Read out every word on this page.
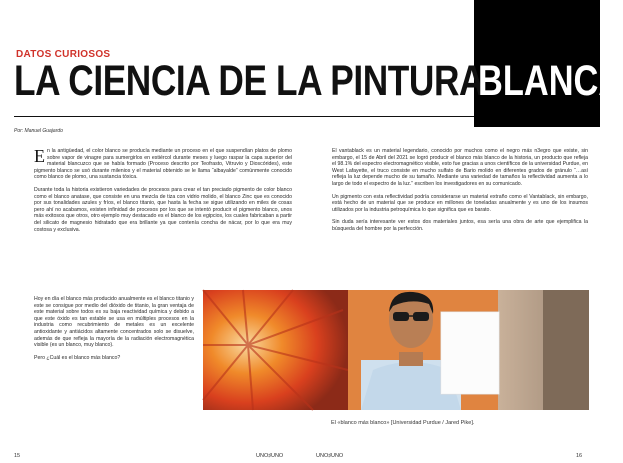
DATOS CURIOSOS
LA CIENCIA DE LA PINTURA
BLANCA
Por: Manuel Guajardo

En la antigüedad, el color blanco se producía mediante un proceso en el que suspendían platos de plomo sobre vapor de vinagre para sumergirlos en estiércol durante meses y luego raspar la capa superior del material blancuzco que se había formado (Proceso descrito por Teofrasto, Vitruvio y Dioscórides), este pigmento blanco se usó durante milenios y el material obtenido se le llama “albayalde” comúnmente conocido como blanco de plomo, una sustancia tóxica.

Durante toda la historia existieron variedades de procesos para crear el tan preciado pigmento de color blanco como el blanco anatase, que consiste en una mezcla de tiza con vidrio molido, el blanco Zinc que es conocido por sus tonalidades azules y fríos, el blanco titanio, que hasta la fecha se sigue utilizando en miles de cosas pero ahí no acabamos, existen infinidad de procesos por los que se intentó producir el pigmento blanco, unos más exitosos que otros, otro ejemplo muy destacado es el blanco de los egipcios, los cuales fabricaban a partir del silicato de magnesio hidratado que era brillante ya que contenía concha de nácar, por lo que era muy costosa y exclusiva.

Hoy en día el blanco más producido anualmente es el blanco titanio y este se consigue por medio del dióxido de titanio, la gran ventaja de este material sobre todos es su baja reactividad química y debido a que este óxido es tan estable se usa en múltiples procesos en la industria como recubrimiento de metales es un excelente antioxidante y antiácidos altamente concentrados solo se disuelve, además de que refleja la mayoría de la radiación electromagnética visible (es un blanco, muy blanco).

Pero ¿Cuál es el blanco más blanco?

El vantablack es un material legendario, conocido por muchos como el negro más n3egro que existe, sin embargo, el 15 de Abril del 2021 se logró producir el blanco más blanco de la historia, un producto que refleja el 98.1% del espectro electromagnético visible, esto fue gracias a unos científicos de la universidad Purdue, en West Lafayette, el truco consiste en mucho sulfato de Bario molido en diferentes grados de gránulo “…así refleja la luz depende mucho de su tamaño. Mediante una variedad de tamaños la reflectividad aumenta a lo largo de todo el espectro de la luz.” escriben los investigadores en su comunicado.

Un pigmento con esta reflectividad podría considerarse un material extraño como el Vantablack, sin embargo, está hecho de un material que se produce en millones de toneladas anualmente y es uno de los insumos utilizados por la industria petroquímica lo que significa que es barato.

Sin duda sería interesante ver estos dos materiales juntos, esa sería una obra de arte que ejemplifica la búsqueda del hombre por la perfección.

El «blanco más blanco» [Universidad Purdue / Jared Pike].
15	UNO♯UNO	UNO♯UNO	16
